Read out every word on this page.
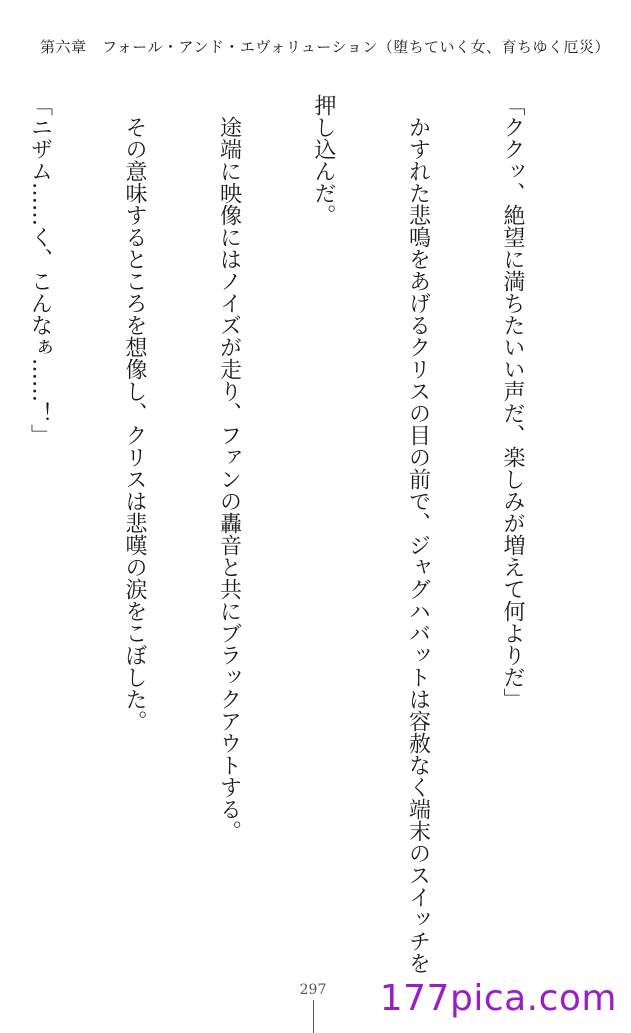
第六章　フォール・アンド・エヴォリューション（堕ちていく女、育ちゆく厄災）

「ククッ、絶望に満ちたいい声だ、楽しみが増えて何よりだ」

　かすれた悲鳴をあげるクリスの目の前で、ジャグハバットは容赦なく端末のスイッチを

押し込んだ。

　途端に映像にはノイズが走り、ファンの轟音と共にブラックアウトする。

　その意味するところを想像し、クリスは悲嘆の涙をこぼした。

「ニザム……く、こんなぁ……！」

297 177pica.com
